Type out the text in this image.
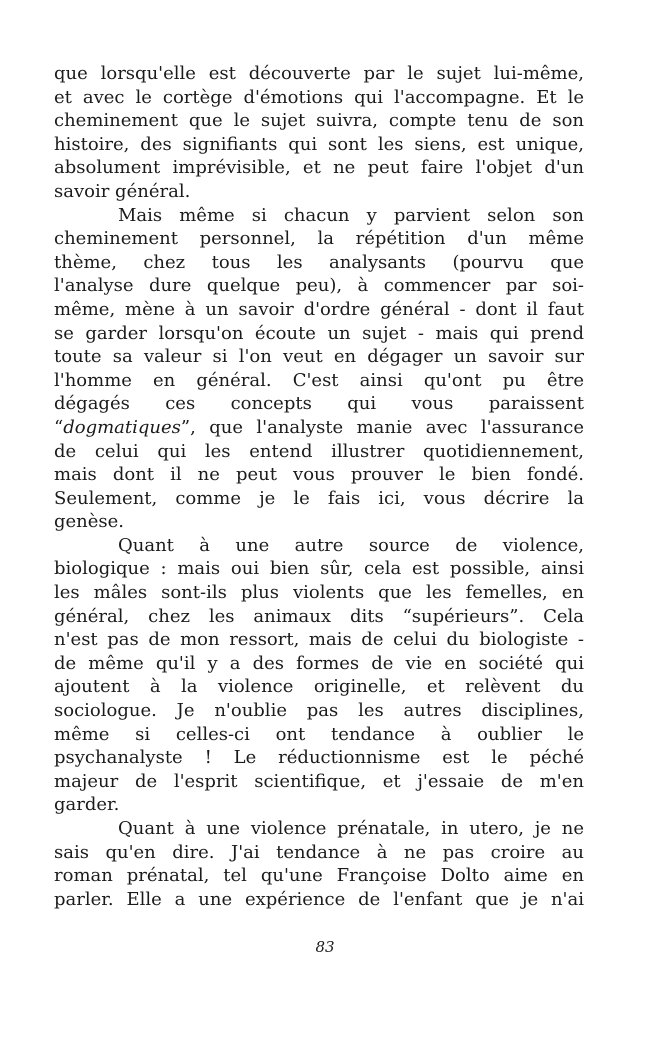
que lorsqu'elle est découverte par le sujet lui-même,
et avec le cortège d'émotions qui l'accompagne. Et le
cheminement que le sujet suivra, compte tenu de son
histoire, des signifiants qui sont les siens, est unique,
absolument imprévisible, et ne peut faire l'objet d'un
savoir général.
Mais même si chacun y parvient selon son
cheminement personnel, la répétition d'un même
thème, chez tous les analysants (pourvu que
l'analyse dure quelque peu), à commencer par soi-
même, mène à un savoir d'ordre général - dont il faut
se garder lorsqu'on écoute un sujet - mais qui prend
toute sa valeur si l'on veut en dégager un savoir sur
l'homme en général. C'est ainsi qu'ont pu être
dégagés ces concepts qui vous paraissent
“dogmatiques”, que l'analyste manie avec l'assurance
de celui qui les entend illustrer quotidiennement,
mais dont il ne peut vous prouver le bien fondé.
Seulement, comme je le fais ici, vous décrire la
genèse.
Quant à une autre source de violence,
biologique : mais oui bien sûr, cela est possible, ainsi
les mâles sont-ils plus violents que les femelles, en
général, chez les animaux dits “supérieurs”. Cela
n'est pas de mon ressort, mais de celui du biologiste -
de même qu'il y a des formes de vie en société qui
ajoutent à la violence originelle, et relèvent du
sociologue. Je n'oublie pas les autres disciplines,
même si celles-ci ont tendance à oublier le
psychanalyste ! Le réductionnisme est le péché
majeur de l'esprit scientifique, et j'essaie de m'en
garder.
Quant à une violence prénatale, in utero, je ne
sais qu'en dire. J'ai tendance à ne pas croire au
roman prénatal, tel qu'une Françoise Dolto aime en
parler. Elle a une expérience de l'enfant que je n'ai
83
